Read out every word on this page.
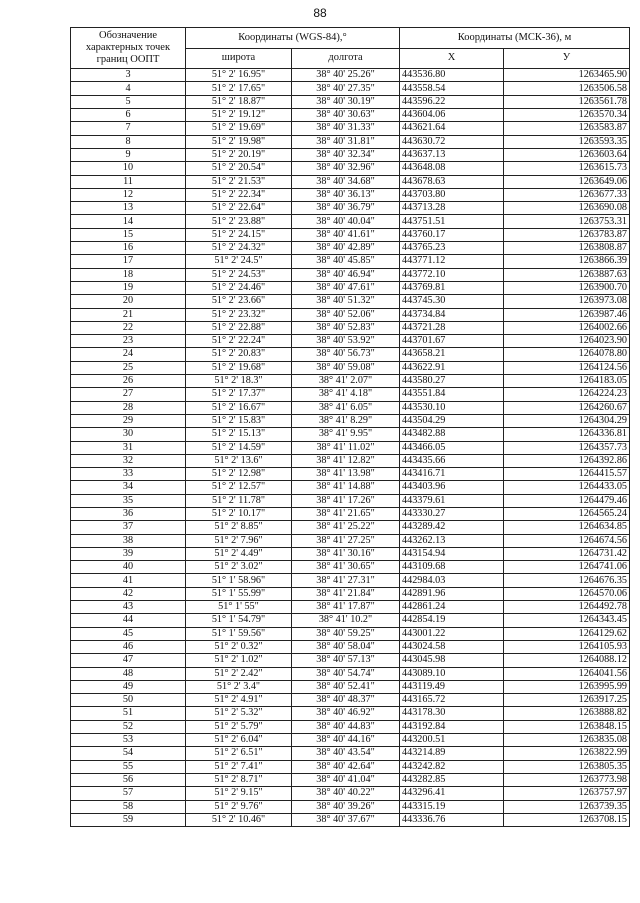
88
Обозначение
характерных точек
границ ООПТ	Координаты (WGS-84),°		Координаты (МСК-36), м	
	широта	долгота	X	У
3	51° 2' 16.95"	38° 40' 25.26"	443536.80	1263465.90
4	51° 2' 17.65"	38° 40' 27.35"	443558.54	1263506.58
5	51° 2' 18.87"	38° 40' 30.19"	443596.22	1263561.78
6	51° 2' 19.12"	38° 40' 30.63"	443604.06	1263570.34
7	51° 2' 19.69"	38° 40' 31.33"	443621.64	1263583.87
8	51° 2' 19.98"	38° 40' 31.81"	443630.72	1263593.35
9	51° 2' 20.19"	38° 40' 32.34"	443637.13	1263603.64
10	51° 2' 20.54"	38° 40' 32.96"	443648.08	1263615.73
11	51° 2' 21.53"	38° 40' 34.68"	443678.63	1263649.06
12	51° 2' 22.34"	38° 40' 36.13"	443703.80	1263677.33
13	51° 2' 22.64"	38° 40' 36.79"	443713.28	1263690.08
14	51° 2' 23.88"	38° 40' 40.04"	443751.51	1263753.31
15	51° 2' 24.15"	38° 40' 41.61"	443760.17	1263783.87
16	51° 2' 24.32"	38° 40' 42.89"	443765.23	1263808.87
17	51° 2' 24.5"	38° 40' 45.85"	443771.12	1263866.39
18	51° 2' 24.53"	38° 40' 46.94"	443772.10	1263887.63
19	51° 2' 24.46"	38° 40' 47.61"	443769.81	1263900.70
20	51° 2' 23.66"	38° 40' 51.32"	443745.30	1263973.08
21	51° 2' 23.32"	38° 40' 52.06"	443734.84	1263987.46
22	51° 2' 22.88"	38° 40' 52.83"	443721.28	1264002.66
23	51° 2' 22.24"	38° 40' 53.92"	443701.67	1264023.90
24	51° 2' 20.83"	38° 40' 56.73"	443658.21	1264078.80
25	51° 2' 19.68"	38° 40' 59.08"	443622.91	1264124.56
26	51° 2' 18.3"	38° 41' 2.07"	443580.27	1264183.05
27	51° 2' 17.37"	38° 41' 4.18"	443551.84	1264224.23
28	51° 2' 16.67"	38° 41' 6.05"	443530.10	1264260.67
29	51° 2' 15.83"	38° 41' 8.29"	443504.29	1264304.29
30	51° 2' 15.13"	38° 41' 9.95"	443482.88	1264336.81
31	51° 2' 14.59"	38° 41' 11.02"	443466.05	1264357.73
32	51° 2' 13.6"	38° 41' 12.82"	443435.66	1264392.86
33	51° 2' 12.98"	38° 41' 13.98"	443416.71	1264415.57
34	51° 2' 12.57"	38° 41' 14.88"	443403.96	1264433.05
35	51° 2' 11.78"	38° 41' 17.26"	443379.61	1264479.46
36	51° 2' 10.17"	38° 41' 21.65"	443330.27	1264565.24
37	51° 2' 8.85"	38° 41' 25.22"	443289.42	1264634.85
38	51° 2' 7.96"	38° 41' 27.25"	443262.13	1264674.56
39	51° 2' 4.49"	38° 41' 30.16"	443154.94	1264731.42
40	51° 2' 3.02"	38° 41' 30.65"	443109.68	1264741.06
41	51° 1' 58.96"	38° 41' 27.31"	442984.03	1264676.35
42	51° 1' 55.99"	38° 41' 21.84"	442891.96	1264570.06
43	51° 1' 55"	38° 41' 17.87"	442861.24	1264492.78
44	51° 1' 54.79"	38° 41' 10.2"	442854.19	1264343.45
45	51° 1' 59.56"	38° 40' 59.25"	443001.22	1264129.62
46	51° 2' 0.32"	38° 40' 58.04"	443024.58	1264105.93
47	51° 2' 1.02"	38° 40' 57.13"	443045.98	1264088.12
48	51° 2' 2.42"	38° 40' 54.74"	443089.10	1264041.56
49	51° 2' 3.4"	38° 40' 52.41"	443119.49	1263995.99
50	51° 2' 4.91"	38° 40' 48.37"	443165.72	1263917.25
51	51° 2' 5.32"	38° 40' 46.92"	443178.30	1263888.82
52	51° 2' 5.79"	38° 40' 44.83"	443192.84	1263848.15
53	51° 2' 6.04"	38° 40' 44.16"	443200.51	1263835.08
54	51° 2' 6.51"	38° 40' 43.54"	443214.89	1263822.99
55	51° 2' 7.41"	38° 40' 42.64"	443242.82	1263805.35
56	51° 2' 8.71"	38° 40' 41.04"	443282.85	1263773.98
57	51° 2' 9.15"	38° 40' 40.22"	443296.41	1263757.97
58	51° 2' 9.76"	38° 40' 39.26"	443315.19	1263739.35
59	51° 2' 10.46"	38° 40' 37.67"	443336.76	1263708.15
